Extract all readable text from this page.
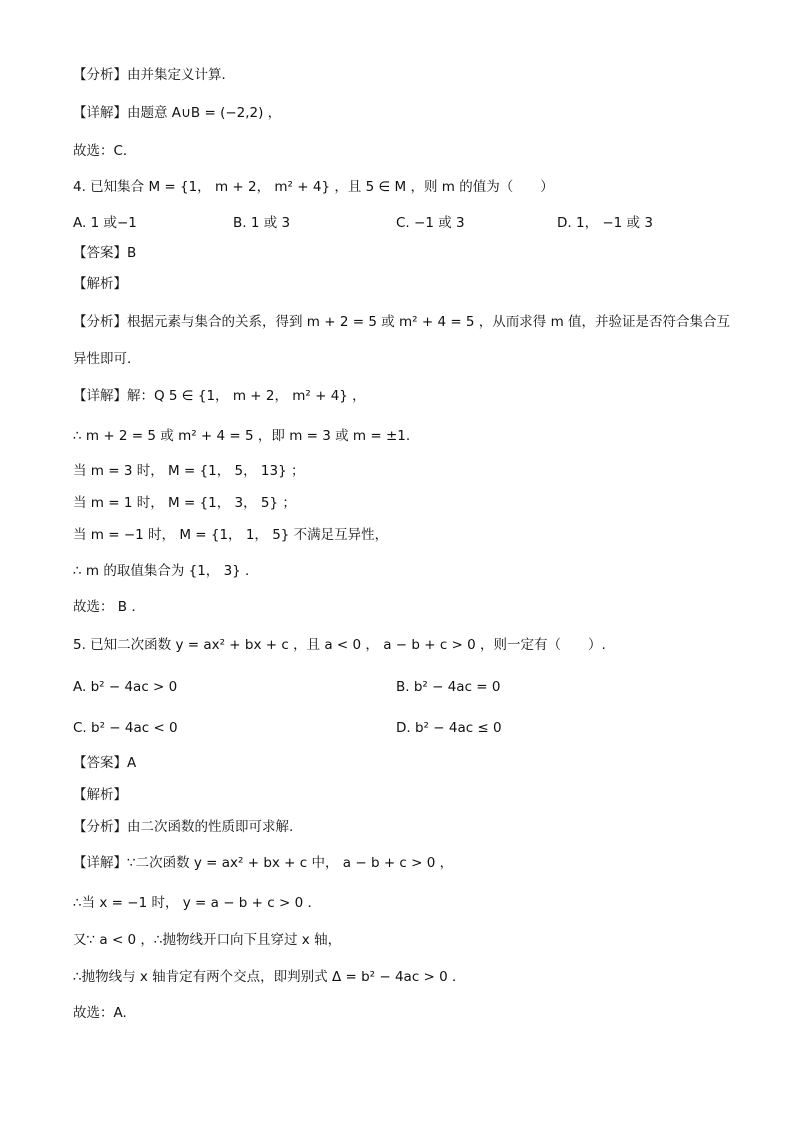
【分析】由并集定义计算．
【详解】由题意 A∪B = (−2,2) ，
故选：C．
4. 已知集合 M = {1， m + 2， m² + 4} ，且 5 ∈ M ，则 m 的值为（　　）
A. 1 或−1	B. 1 或 3	C. −1 或 3	D. 1， −1 或 3
【答案】B
【解析】
【分析】根据元素与集合的关系，得到 m + 2 = 5 或 m² + 4 = 5 ，从而求得 m 值，并验证是否符合集合互
异性即可．
【详解】解：Q 5 ∈ {1， m + 2， m² + 4} ，
∴ m + 2 = 5 或 m² + 4 = 5 ，即 m = 3 或 m = ±1.
当 m = 3 时， M = {1， 5， 13} ；
当 m = 1 时， M = {1， 3， 5} ；
当 m = −1 时， M = {1， 1， 5} 不满足互异性，
∴ m 的取值集合为 {1， 3} .
故选： B .
5. 已知二次函数 y = ax² + bx + c ，且 a < 0 ， a − b + c > 0 ，则一定有（　　）.
A. b² − 4ac > 0	B. b² − 4ac = 0
C. b² − 4ac < 0	D. b² − 4ac ≤ 0
【答案】A
【解析】
【分析】由二次函数的性质即可求解.
【详解】∵二次函数 y = ax² + bx + c 中， a − b + c > 0 ，
∴当 x = −1 时， y = a − b + c > 0 ．
又∵ a < 0 ，∴抛物线开口向下且穿过 x 轴，
∴抛物线与 x 轴肯定有两个交点，即判别式 Δ = b² − 4ac > 0 ．
故选：A.
